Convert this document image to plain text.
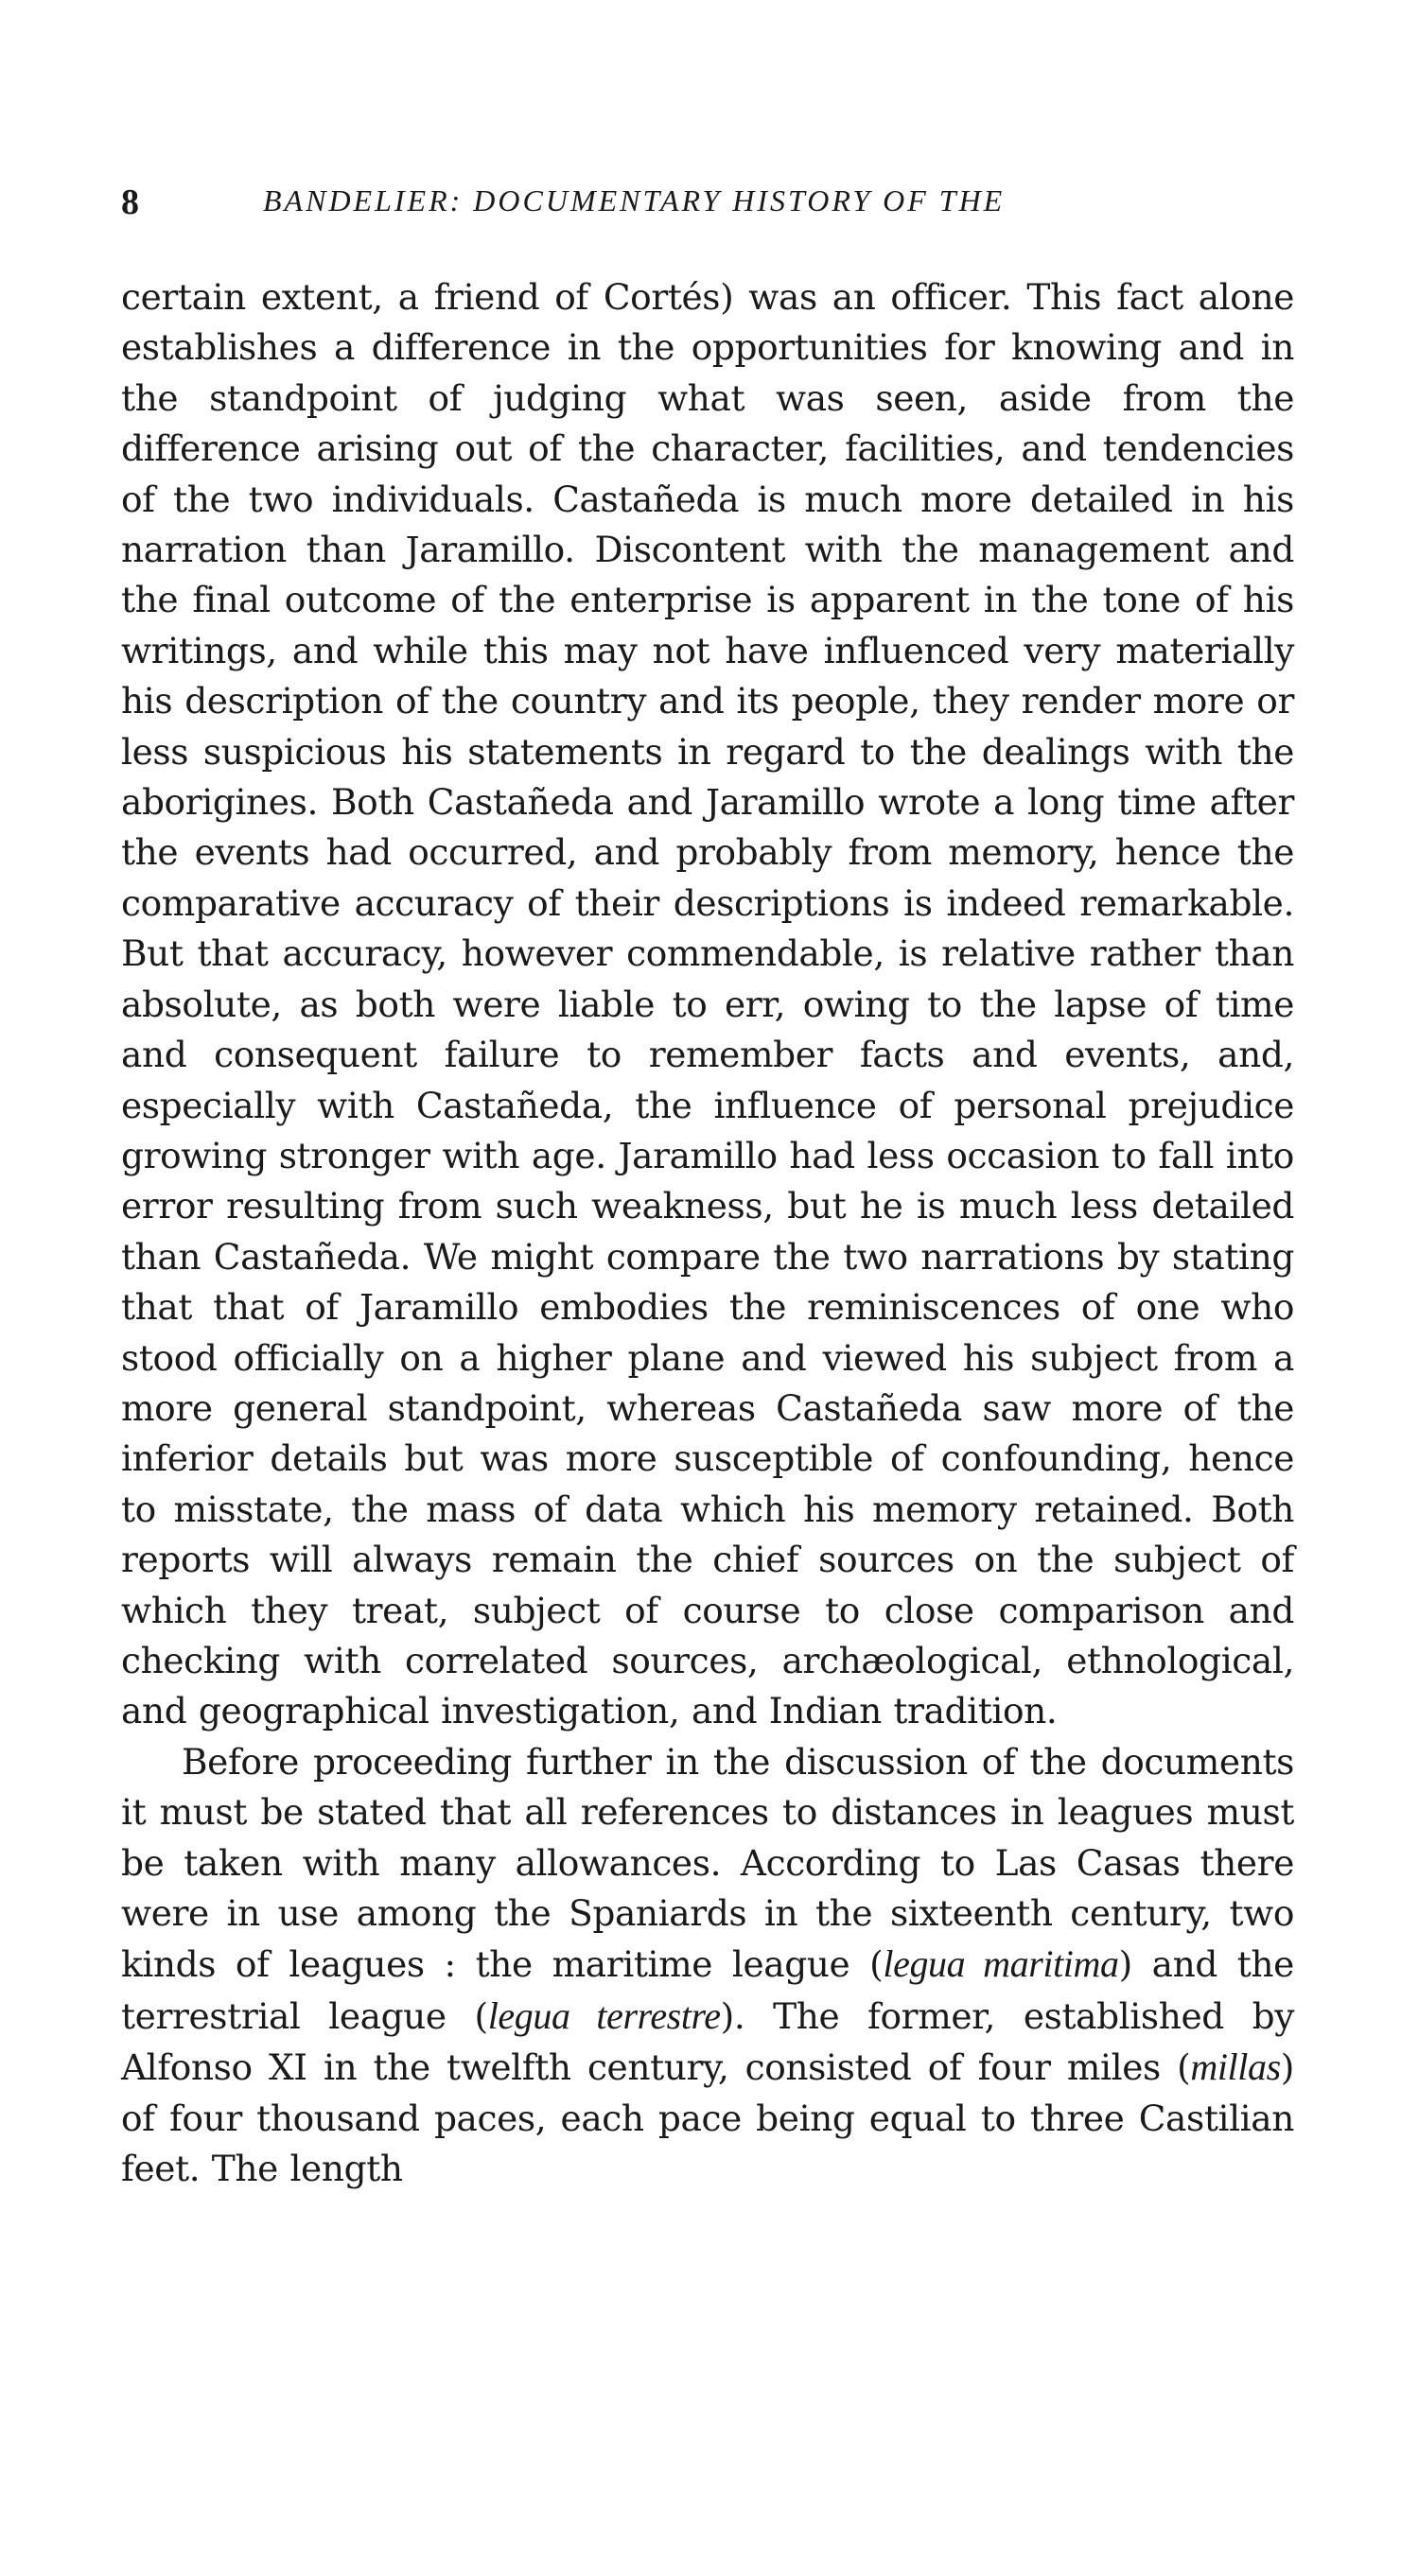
8	BANDELIER: DOCUMENTARY HISTORY OF THE

certain extent, a friend of Cortés) was an officer. This fact alone establishes a difference in the opportunities for knowing and in the standpoint of judging what was seen, aside from the difference arising out of the character, facilities, and tendencies of the two individuals. Castañeda is much more detailed in his narration than Jaramillo. Discontent with the management and the final outcome of the enterprise is apparent in the tone of his writings, and while this may not have influenced very materially his description of the country and its people, they render more or less suspicious his statements in regard to the dealings with the aborigines. Both Castañeda and Jaramillo wrote a long time after the events had occurred, and probably from memory, hence the comparative accuracy of their descriptions is indeed remarkable. But that accuracy, however commendable, is relative rather than absolute, as both were liable to err, owing to the lapse of time and consequent failure to remember facts and events, and, especially with Castañeda, the influence of personal prejudice growing stronger with age. Jaramillo had less occasion to fall into error resulting from such weakness, but he is much less detailed than Castañeda. We might compare the two narrations by stating that that of Jaramillo embodies the reminiscences of one who stood officially on a higher plane and viewed his subject from a more general standpoint, whereas Castañeda saw more of the inferior details but was more susceptible of confounding, hence to misstate, the mass of data which his memory retained. Both reports will always remain the chief sources on the subject of which they treat, subject of course to close comparison and checking with correlated sources, archæological, ethnological, and geographical investigation, and Indian tradition.

Before proceeding further in the discussion of the documents it must be stated that all references to distances in leagues must be taken with many allowances. According to Las Casas there were in use among the Spaniards in the sixteenth century, two kinds of leagues : the maritime league (legua maritima) and the terrestrial league (legua terrestre). The former, established by Alfonso XI in the twelfth century, consisted of four miles (millas) of four thousand paces, each pace being equal to three Castilian feet. The length
